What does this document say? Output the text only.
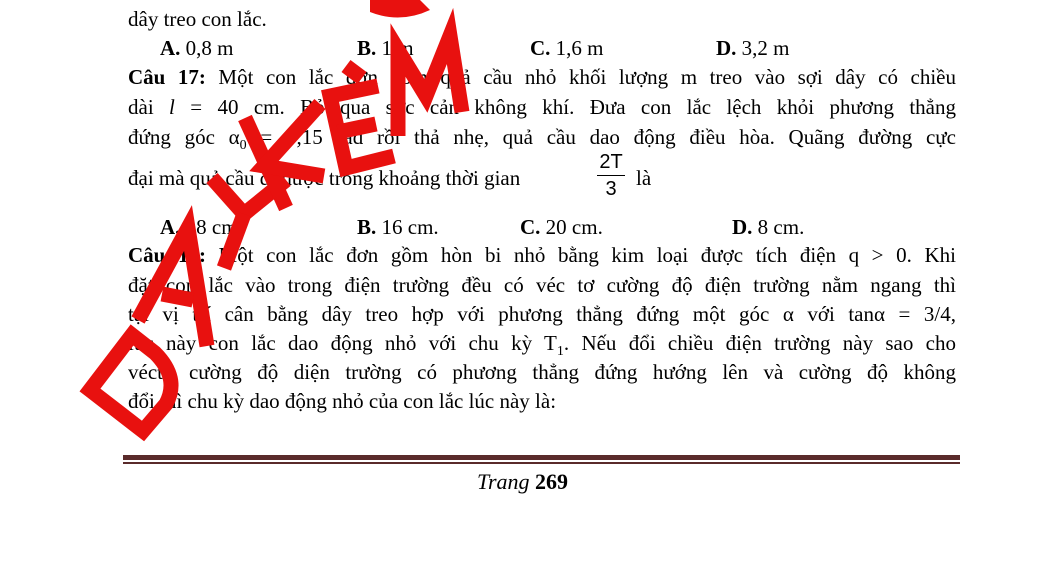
dây treo con lắc.
A. 0,8 m	B. 1 m	C. 1,6 m	D. 3,2 m
Câu 17: Một con lắc đơn gồm quả cầu nhỏ khối lượng m treo vào sợi dây có chiều
dài l = 40 cm. Bỏ qua sức cản không khí. Đưa con lắc lệch khỏi phương thẳng
đứng góc $\alpha_0 = 0,15$ rad rồi thả nhẹ, quả cầu dao động điều hòa. Quãng đường cực
đại mà quả cầu đi được trong khoảng thời gian
2T
3 là
A. 18 cm.	B. 16 cm.	C. 20 cm.	D. 8 cm.
Câu 18: Một con lắc đơn gồm hòn bi nhỏ bằng kim loại được tích điện q > 0. Khi
đặt con lắc vào trong điện trường đều có véc tơ cường độ điện trường nằm ngang thì
tại vị trí cân bằng dây treo hợp với phương thẳng đứng một góc α với tanα = 3/4,
lúc này con lắc dao động nhỏ với chu kỳ $T_1$. Nếu đổi chiều điện trường này sao cho
vécto cường độ diện trường có phương thẳng đứng hướng lên và cường độ không
đổi thì chu kỳ dao động nhỏ của con lắc lúc này là:
Trang 269
